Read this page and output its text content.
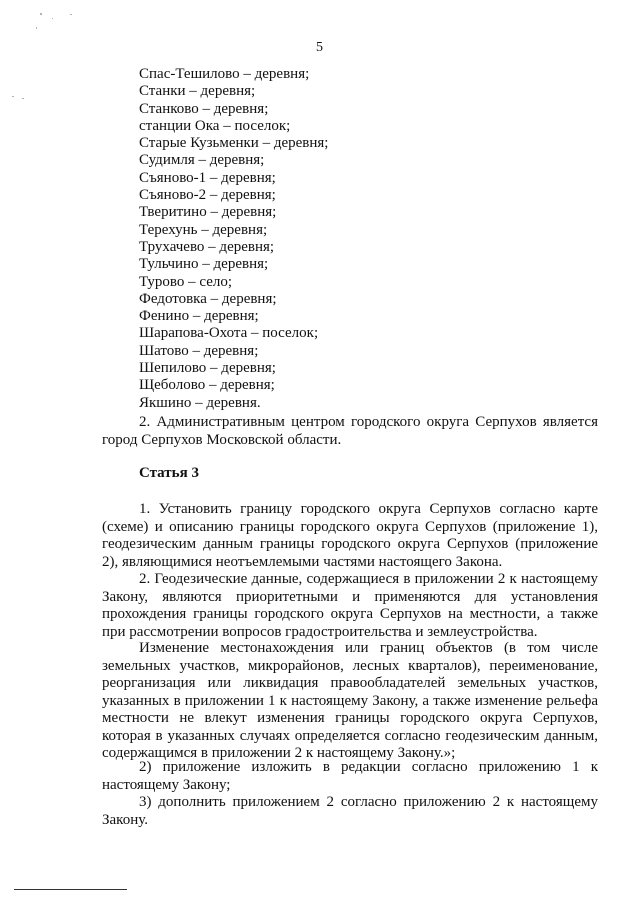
5
Спас-Тешилово – деревня;
Станки – деревня;
Станково – деревня;
станции Ока – поселок;
Старые Кузьменки – деревня;
Судимля – деревня;
Съяново-1 – деревня;
Съяново-2 – деревня;
Тверитино – деревня;
Терехунь – деревня;
Трухачево – деревня;
Тульчино – деревня;
Турово – село;
Федотовка – деревня;
Фенино – деревня;
Шарапова-Охота – поселок;
Шатово – деревня;
Шепилово – деревня;
Щеболово – деревня;
Якшино – деревня.

2. Административным центром городского округа Серпухов является город Серпухов Московской области.

Статья 3

1. Установить границу городского округа Серпухов согласно карте (схеме) и описанию границы городского округа Серпухов (приложение 1), геодезическим данным границы городского округа Серпухов (приложение 2), являющимися неотъемлемыми частями настоящего Закона.

2. Геодезические данные, содержащиеся в приложении 2 к настоящему Закону, являются приоритетными и применяются для установления прохождения границы городского округа Серпухов на местности, а также при рассмотрении вопросов градостроительства и землеустройства.

Изменение местонахождения или границ объектов (в том числе земельных участков, микрорайонов, лесных кварталов), переименование, реорганизация или ликвидация правообладателей земельных участков, указанных в приложении 1 к настоящему Закону, а также изменение рельефа местности не влекут изменения границы городского округа Серпухов, которая в указанных случаях определяется согласно геодезическим данным, содержащимся в приложении 2 к настоящему Закону.»;

2) приложение изложить в редакции согласно приложению 1 к настоящему Закону;

3) дополнить приложением 2 согласно приложению 2 к настоящему Закону.
